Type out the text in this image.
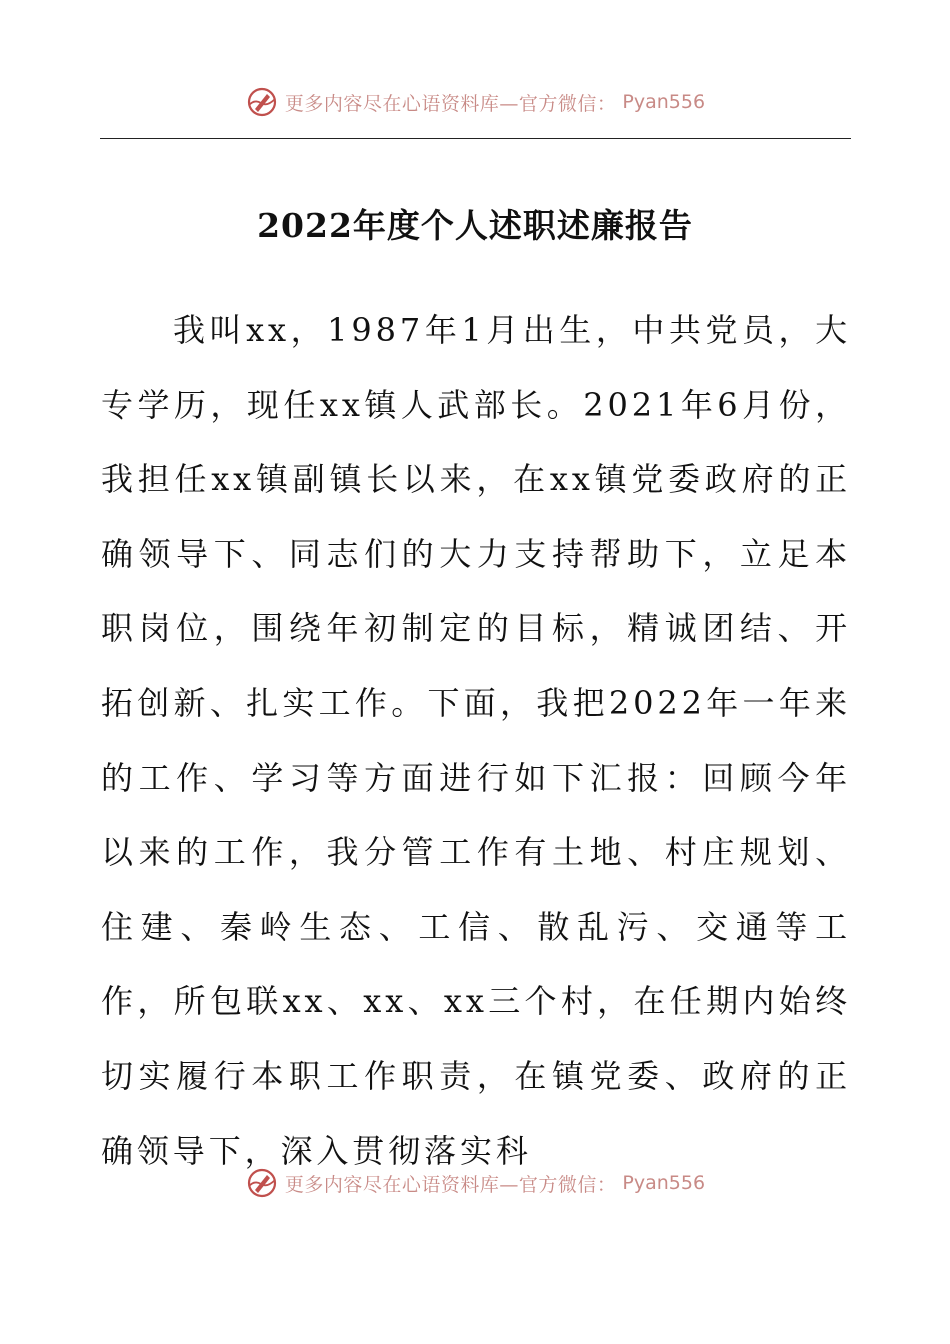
更多内容尽在心语资料库—官方微信： Pyan556
2022年度个人述职述廉报告

我叫xx，1987年1月出生，中共党员，大专学历，现任xx镇人武部长。2021年6月份，我担任xx镇副镇长以来，在xx镇党委政府的正确领导下、同志们的大力支持帮助下，立足本职岗位，围绕年初制定的目标，精诚团结、开拓创新、扎实工作。下面，我把2022年一年来的工作、学习等方面进行如下汇报：回顾今年以来的工作，我分管工作有土地、村庄规划、住建、秦岭生态、工信、散乱污、交通等工作，所包联xx、xx、xx三个村，在任期内始终切实履行本职工作职责，在镇党委、政府的正确领导下，深入贯彻落实科

更多内容尽在心语资料库—官方微信： Pyan556
